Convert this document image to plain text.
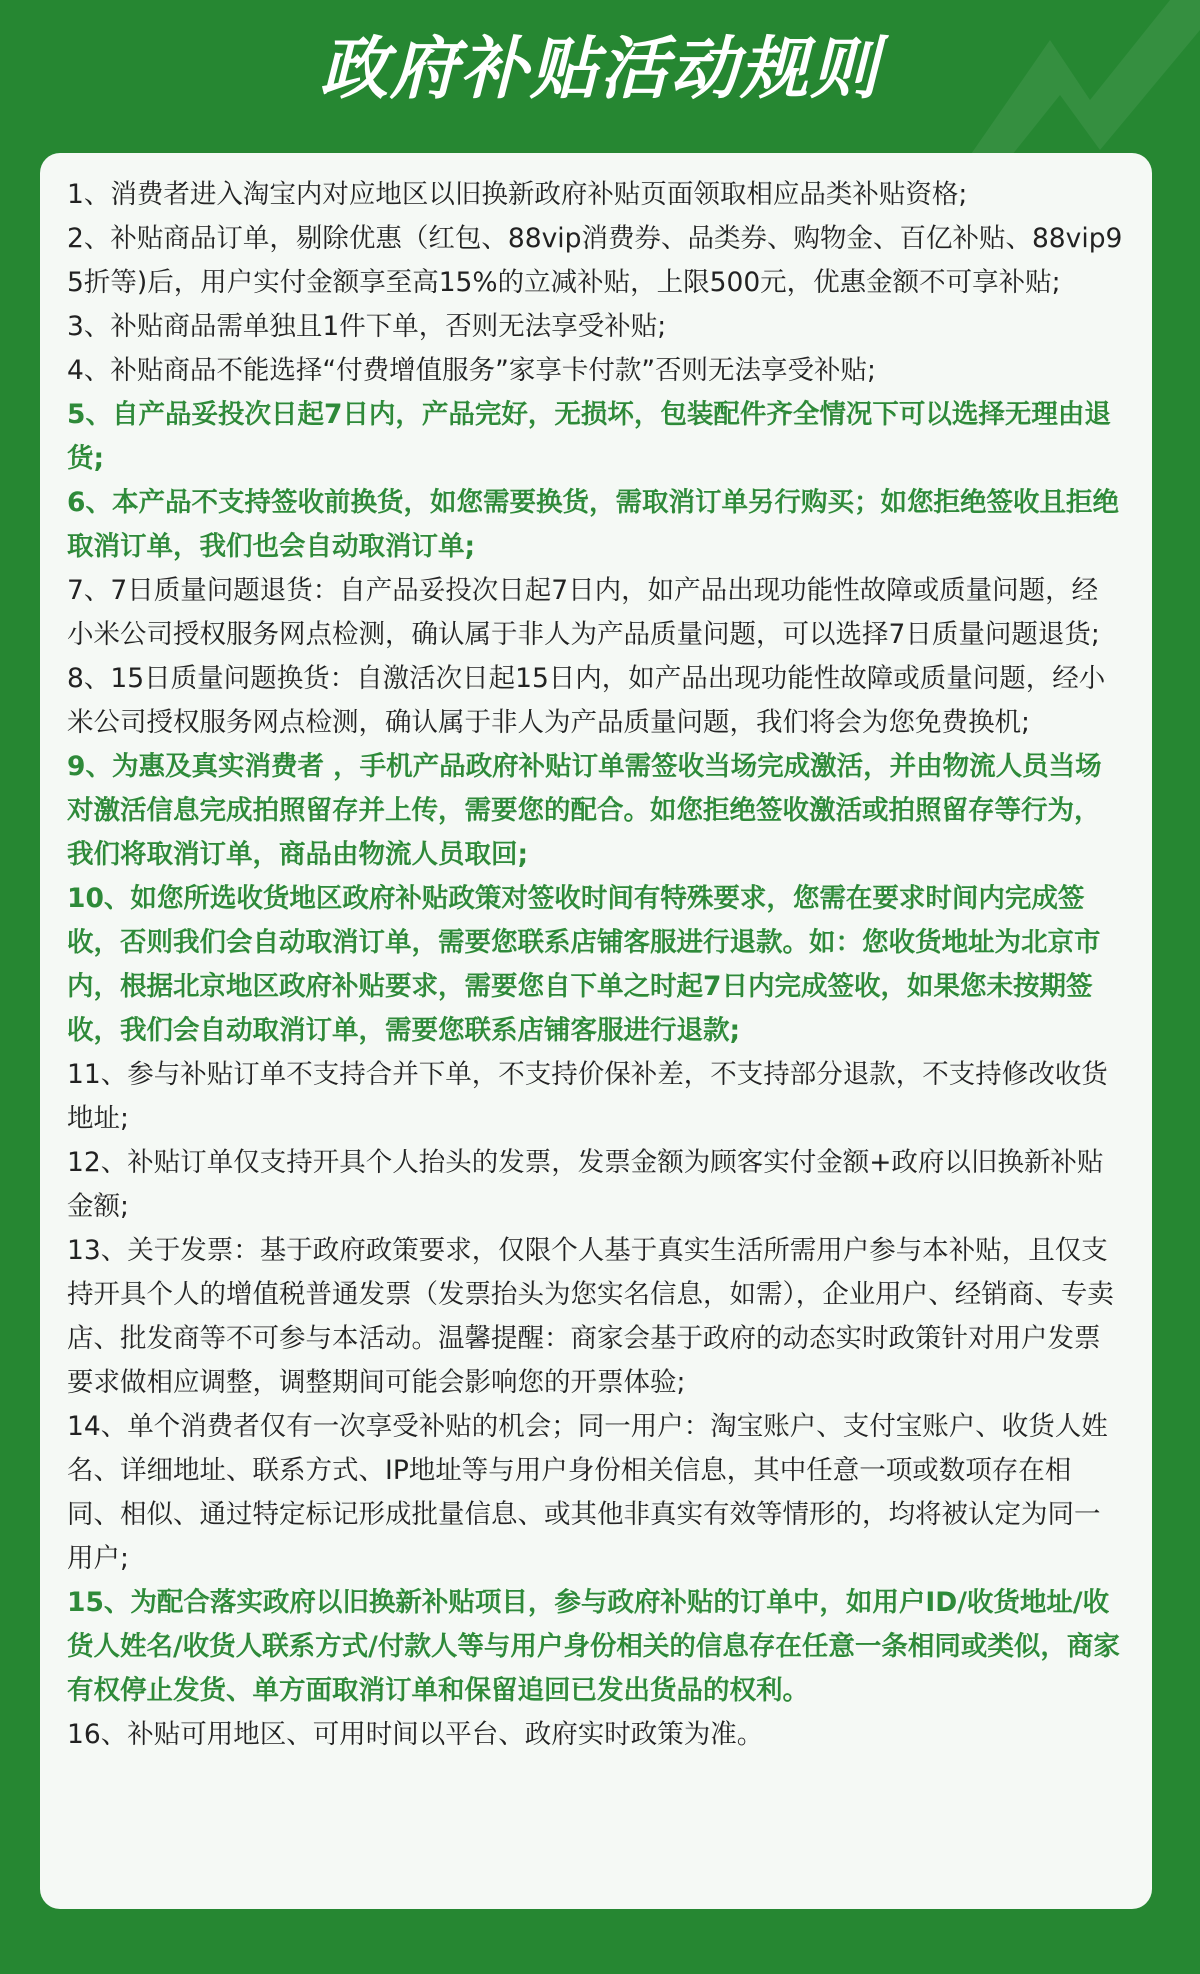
政府补贴活动规则

1、消费者进入淘宝内对应地区以旧换新政府补贴页面领取相应品类补贴资格;

2、补贴商品订单，剔除优惠（红包、88vip消费券、品类券、购物金、百亿补贴、88vip95折等)后，用户实付金额享至高15%的立减补贴，上限500元，优惠金额不可享补贴;

3、补贴商品需单独且1件下单，否则无法享受补贴;

4、补贴商品不能选择“付费增值服务”家享卡付款”否则无法享受补贴;

5、自产品妥投次日起7日内，产品完好，无损坏，包装配件齐全情况下可以选择无理由退货;

6、本产品不支持签收前换货，如您需要换货，需取消订单另行购买；如您拒绝签收且拒绝取消订单，我们也会自动取消订单;

7、7日质量问题退货：自产品妥投次日起7日内，如产品出现功能性故障或质量问题，经小米公司授权服务网点检测，确认属于非人为产品质量问题，可以选择7日质量问题退货;

8、15日质量问题换货：自激活次日起15日内，如产品出现功能性故障或质量问题，经小米公司授权服务网点检测，确认属于非人为产品质量问题，我们将会为您免费换机;

9、为惠及真实消费者 ，手机产品政府补贴订单需签收当场完成激活，并由物流人员当场对激活信息完成拍照留存并上传，需要您的配合。如您拒绝签收激活或拍照留存等行为，我们将取消订单，商品由物流人员取回;

10、如您所选收货地区政府补贴政策对签收时间有特殊要求，您需在要求时间内完成签收，否则我们会自动取消订单，需要您联系店铺客服进行退款。如：您收货地址为北京市内，根据北京地区政府补贴要求，需要您自下单之时起7日内完成签收，如果您未按期签收，我们会自动取消订单，需要您联系店铺客服进行退款;

11、参与补贴订单不支持合并下单，不支持价保补差，不支持部分退款，不支持修改收货地址;

12、补贴订单仅支持开具个人抬头的发票，发票金额为顾客实付金额+政府以旧换新补贴金额;

13、关于发票：基于政府政策要求，仅限个人基于真实生活所需用户参与本补贴，且仅支持开具个人的增值税普通发票（发票抬头为您实名信息，如需），企业用户、经销商、专卖店、批发商等不可参与本活动。温馨提醒：商家会基于政府的动态实时政策针对用户发票要求做相应调整，调整期间可能会影响您的开票体验;

14、单个消费者仅有一次享受补贴的机会；同一用户：淘宝账户、支付宝账户、收货人姓名、详细地址、联系方式、IP地址等与用户身份相关信息，其中任意一项或数项存在相同、相似、通过特定标记形成批量信息、或其他非真实有效等情形的，均将被认定为同一用户;

15、为配合落实政府以旧换新补贴项目，参与政府补贴的订单中，如用户ID/收货地址/收货人姓名/收货人联系方式/付款人等与用户身份相关的信息存在任意一条相同或类似，商家有权停止发货、单方面取消订单和保留追回已发出货品的权利。

16、补贴可用地区、可用时间以平台、政府实时政策为准。
